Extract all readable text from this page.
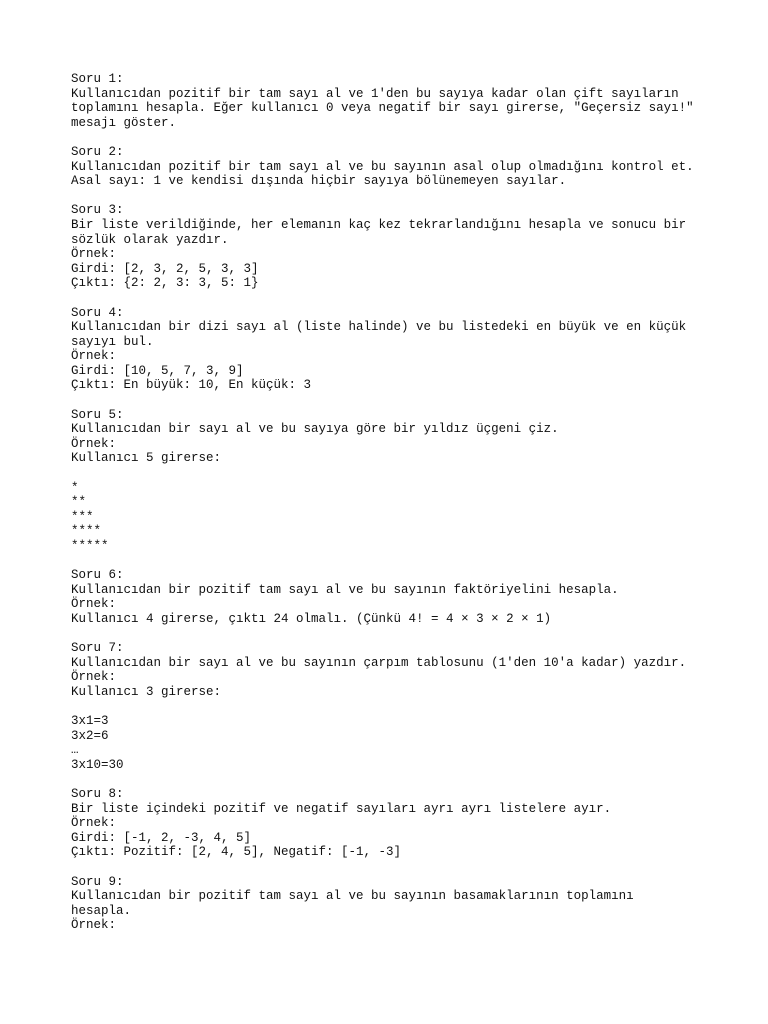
Soru 1:
Kullanıcıdan pozitif bir tam sayı al ve 1'den bu sayıya kadar olan çift sayıların
toplamını hesapla. Eğer kullanıcı 0 veya negatif bir sayı girerse, "Geçersiz sayı!"
mesajı göster.
Soru 2:
Kullanıcıdan pozitif bir tam sayı al ve bu sayının asal olup olmadığını kontrol et.
Asal sayı: 1 ve kendisi dışında hiçbir sayıya bölünemeyen sayılar.
Soru 3:
Bir liste verildiğinde, her elemanın kaç kez tekrarlandığını hesapla ve sonucu bir
sözlük olarak yazdır.
Örnek:
Girdi: [2, 3, 2, 5, 3, 3]
Çıktı: {2: 2, 3: 3, 5: 1}
Soru 4:
Kullanıcıdan bir dizi sayı al (liste halinde) ve bu listedeki en büyük ve en küçük
sayıyı bul.
Örnek:
Girdi: [10, 5, 7, 3, 9]
Çıktı: En büyük: 10, En küçük: 3
Soru 5:
Kullanıcıdan bir sayı al ve bu sayıya göre bir yıldız üçgeni çiz.
Örnek:
Kullanıcı 5 girerse:
*
**
***
****
*****
Soru 6:
Kullanıcıdan bir pozitif tam sayı al ve bu sayının faktöriyelini hesapla.
Örnek:
Kullanıcı 4 girerse, çıktı 24 olmalı. (Çünkü 4! = 4 × 3 × 2 × 1)
Soru 7:
Kullanıcıdan bir sayı al ve bu sayının çarpım tablosunu (1'den 10'a kadar) yazdır.
Örnek:
Kullanıcı 3 girerse:
3x1=3
3x2=6
…
3x10=30
Soru 8:
Bir liste içindeki pozitif ve negatif sayıları ayrı ayrı listelere ayır.
Örnek:
Girdi: [-1, 2, -3, 4, 5]
Çıktı: Pozitif: [2, 4, 5], Negatif: [-1, -3]
Soru 9:
Kullanıcıdan bir pozitif tam sayı al ve bu sayının basamaklarının toplamını
hesapla.
Örnek:
